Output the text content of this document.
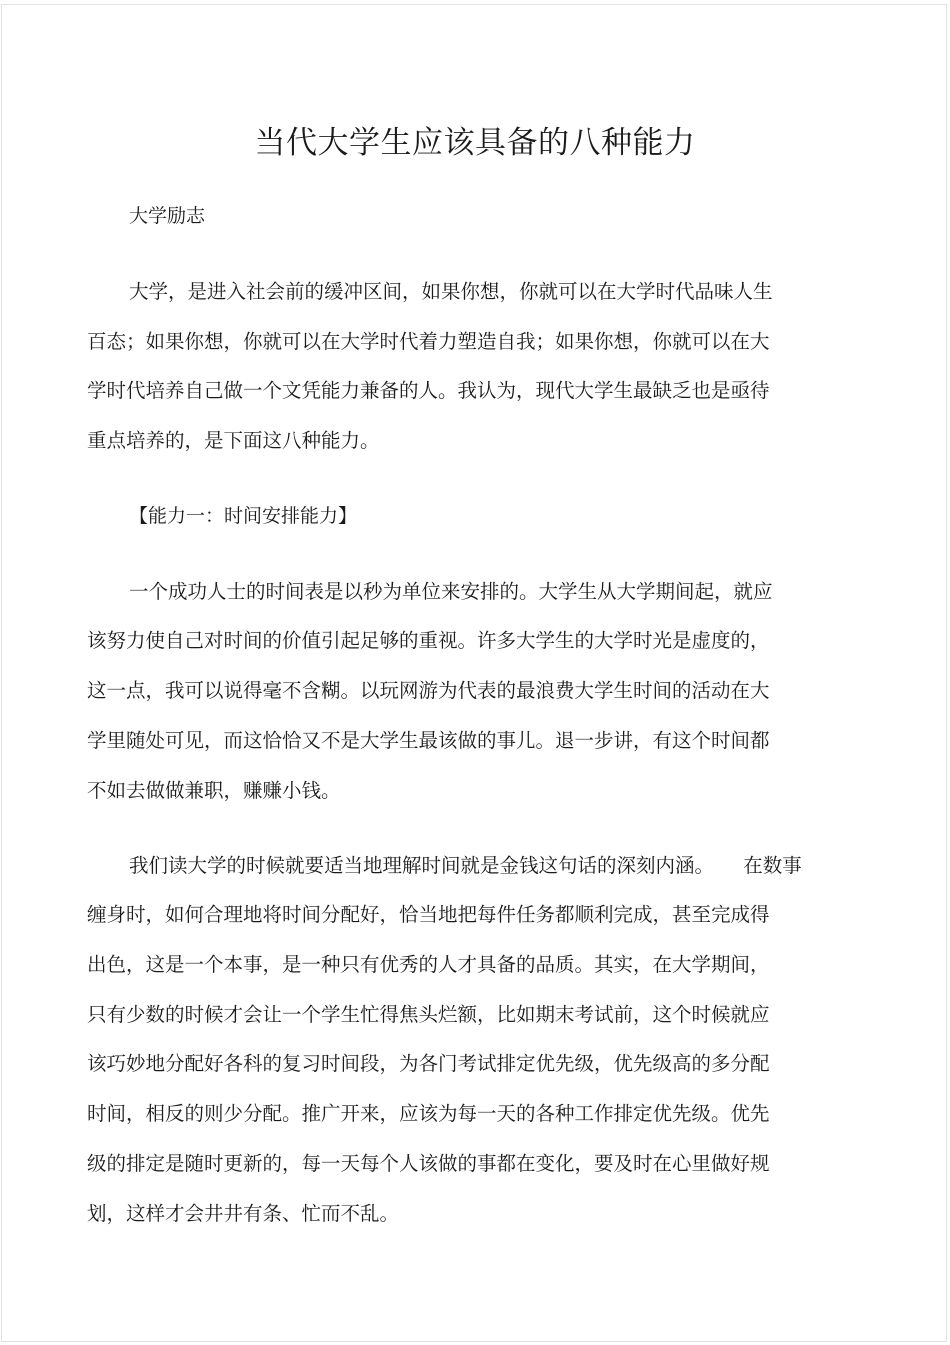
当代大学生应该具备的八种能力
大学励志
大学，是进入社会前的缓冲区间，如果你想，你就可以在大学时代品味人生
百态；如果你想，你就可以在大学时代着力塑造自我；如果你想，你就可以在大
学时代培养自己做一个文凭能力兼备的人。我认为，现代大学生最缺乏也是亟待
重点培养的，是下面这八种能力。
【能力一：时间安排能力】
一个成功人士的时间表是以秒为单位来安排的。大学生从大学期间起，就应
该努力使自己对时间的价值引起足够的重视。许多大学生的大学时光是虚度的，
这一点，我可以说得毫不含糊。以玩网游为代表的最浪费大学生时间的活动在大
学里随处可见，而这恰恰又不是大学生最该做的事儿。退一步讲，有这个时间都
不如去做做兼职，赚赚小钱。
我们读大学的时候就要适当地理解时间就是金钱这句话的深刻内涵。　　在数事
缠身时，如何合理地将时间分配好，恰当地把每件任务都顺利完成，甚至完成得
出色，这是一个本事，是一种只有优秀的人才具备的品质。其实，在大学期间，
只有少数的时候才会让一个学生忙得焦头烂额，比如期末考试前，这个时候就应
该巧妙地分配好各科的复习时间段，为各门考试排定优先级，优先级高的多分配
时间，相反的则少分配。推广开来，应该为每一天的各种工作排定优先级。优先
级的排定是随时更新的，每一天每个人该做的事都在变化，要及时在心里做好规
划，这样才会井井有条、忙而不乱。
